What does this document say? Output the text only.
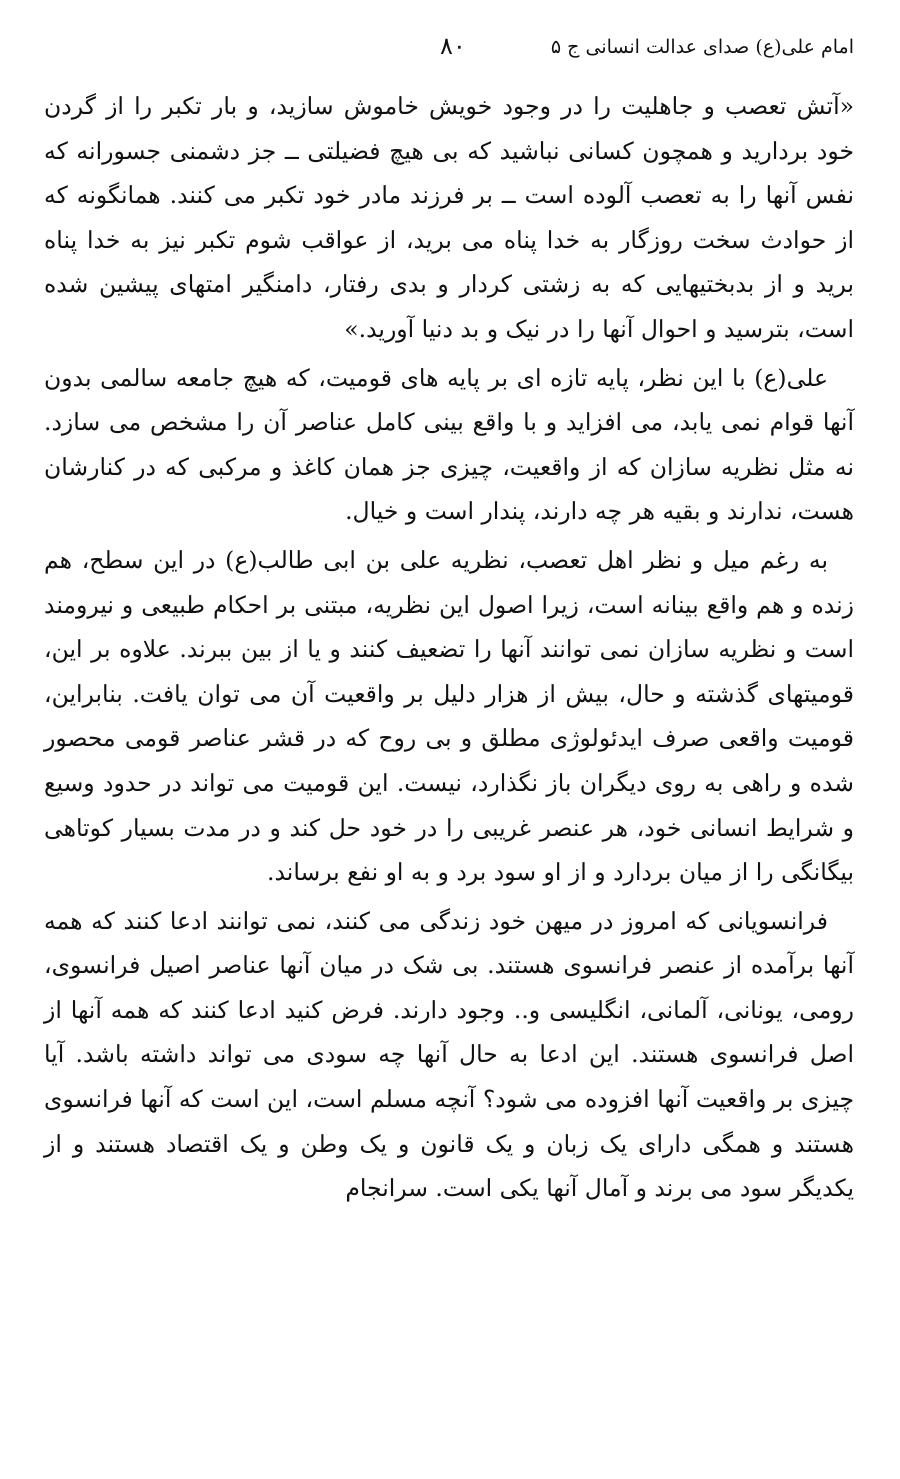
امام علی(ع) صدای عدالت انسانی ج ۵
۸۰

«آتش تعصب و جاهلیت را در وجود خویش خاموش سازید، و بار تکبر را از گردن خود بردارید و همچون کسانی نباشید که بی هیچ فضیلتی ــ جز دشمنی جسورانه که نفس آنها را به تعصب آلوده است ــ بر فرزند مادر خود تکبر می کنند. همانگونه که از حوادث سخت روزگار به خدا پناه می برید، از عواقب شوم تکبر نیز به خدا پناه برید و از بدبختیهایی که به زشتی کردار و بدی رفتار، دامنگیر امتهای پیشین شده است، بترسید و احوال آنها را در نیک و بد دنیا آورید.»

علی(ع) با این نظر، پایه تازه ای بر پایه های قومیت، که هیچ جامعه سالمی بدون آنها قوام نمی یابد، می افزاید و با واقع بینی کامل عناصر آن را مشخص می سازد. نه مثل نظریه سازان که از واقعیت، چیزی جز همان کاغذ و مرکبی که در کنارشان هست، ندارند و بقیه هر چه دارند، پندار است و خیال.

به رغم میل و نظر اهل تعصب، نظریه علی بن ابی طالب(ع) در این سطح، هم زنده و هم واقع بینانه است، زیرا اصول این نظریه، مبتنی بر احکام طبیعی و نیرومند است و نظریه سازان نمی توانند آنها را تضعیف کنند و یا از بین ببرند. علاوه بر این، قومیتهای گذشته و حال، بیش از هزار دلیل بر واقعیت آن می توان یافت. بنابراین، قومیت واقعی صرف ایدئولوژی مطلق و بی روح که در قشر عناصر قومی محصور شده و راهی به روی دیگران باز نگذارد، نیست. این قومیت می تواند در حدود وسیع و شرایط انسانی خود، هر عنصر غریبی را در خود حل کند و در مدت بسیار کوتاهی بیگانگی را از میان بردارد و از او سود برد و به او نفع برساند.

فرانسویانی که امروز در میهن خود زندگی می کنند، نمی توانند ادعا کنند که همه آنها برآمده از عنصر فرانسوی هستند. بی شک در میان آنها عناصر اصیل فرانسوی، رومی، یونانی، آلمانی، انگلیسی و.. وجود دارند. فرض کنید ادعا کنند که همه آنها از اصل فرانسوی هستند. این ادعا به حال آنها چه سودی می تواند داشته باشد. آیا چیزی بر واقعیت آنها افزوده می شود؟ آنچه مسلم است، این است که آنها فرانسوی هستند و همگی دارای یک زبان و یک قانون و یک وطن و یک اقتصاد هستند و از یکدیگر سود می برند و آمال آنها یکی است. سرانجام
